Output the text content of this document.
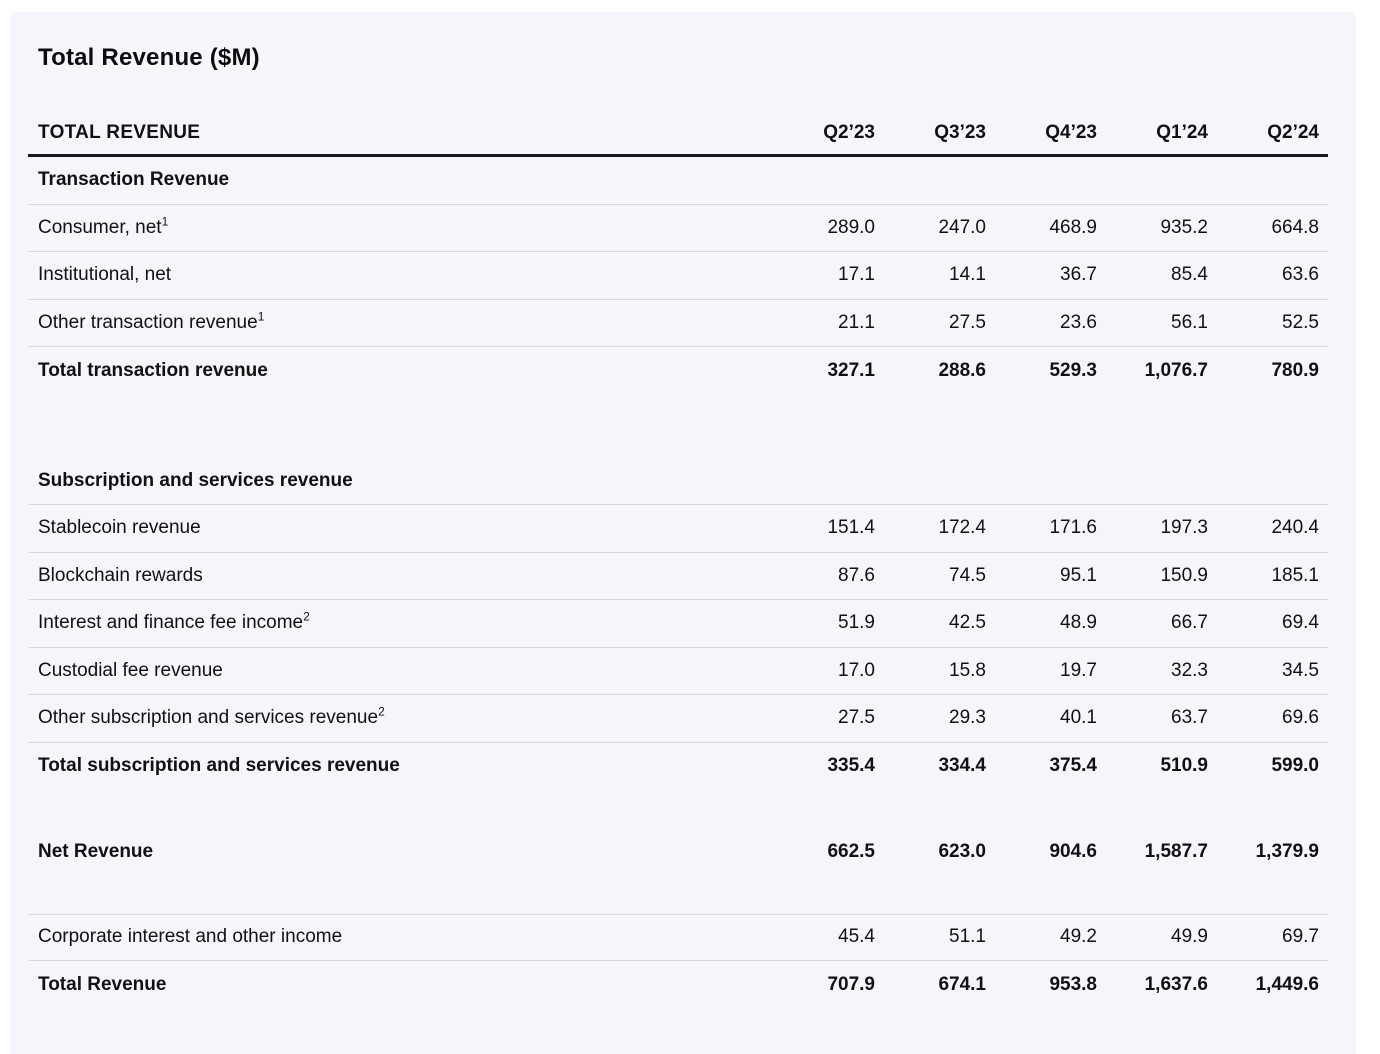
Total Revenue ($M)
TOTAL REVENUE	Q2’23	Q3’23	Q4’23	Q1’24	Q2’24
Transaction Revenue
Consumer, net$^1$	289.0	247.0	468.9	935.2	664.8
Institutional, net	17.1	14.1	36.7	85.4	63.6
Other transaction revenue$^1$	21.1	27.5	23.6	56.1	52.5
Total transaction revenue	327.1	288.6	529.3	1,076.7	780.9
Subscription and services revenue
Stablecoin revenue	151.4	172.4	171.6	197.3	240.4
Blockchain rewards	87.6	74.5	95.1	150.9	185.1
Interest and finance fee income$^2$	51.9	42.5	48.9	66.7	69.4
Custodial fee revenue	17.0	15.8	19.7	32.3	34.5
Other subscription and services revenue$^2$	27.5	29.3	40.1	63.7	69.6
Total subscription and services revenue	335.4	334.4	375.4	510.9	599.0
Net Revenue	662.5	623.0	904.6	1,587.7	1,379.9
Corporate interest and other income	45.4	51.1	49.2	49.9	69.7
Total Revenue	707.9	674.1	953.8	1,637.6	1,449.6
